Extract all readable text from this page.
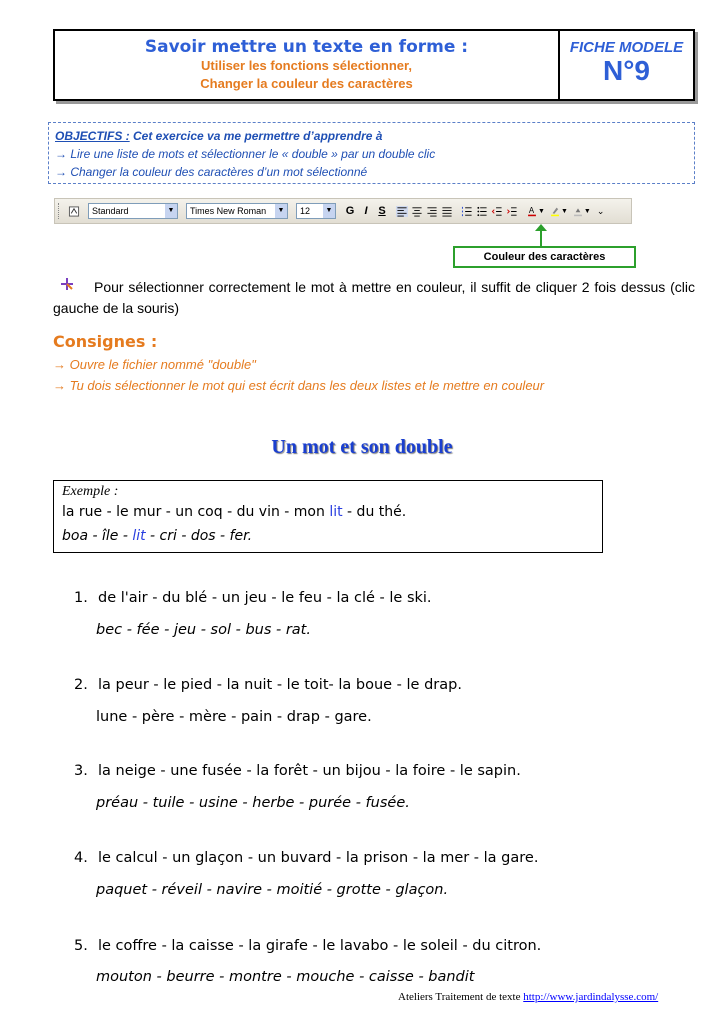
Savoir mettre un texte en forme :
Utiliser les fonctions sélectionner,
Changer la couleur des caractères
FICHE MODELE
N°9
OBJECTIFS : Cet exercice va me permettre d’apprendre à
→ Lire une liste de mots et sélectionner le « double » par un double clic
→ Changer la couleur des caractères d’un mot sélectionné
Standard	▼	Times New Roman	▼	12	▼	G I S	A ▼ ▼ ▼ ⌄
Couleur des caractères
Pour sélectionner correctement le mot à mettre en couleur, il suffit de cliquer 2 fois dessus (clic gauche de la souris)
Consignes :
→ Ouvre le fichier nommé "double"
→ Tu dois sélectionner le mot qui est écrit dans les deux listes et le mettre en couleur
Un mot et son double
Exemple :
la rue - le mur - un coq - du vin - mon lit - du thé.
boa - île - lit - cri - dos - fer.
1. de l'air - du blé - un jeu - le feu - la clé - le ski.
bec - fée - jeu - sol - bus - rat.
2. la peur - le pied - la nuit - le toit- la boue - le drap.
lune - père - mère - pain - drap - gare.
3. la neige - une fusée - la forêt - un bijou - la foire - le sapin.
préau - tuile - usine - herbe - purée - fusée.
4. le calcul - un glaçon - un buvard - la prison - la mer - la gare.
paquet - réveil - navire - moitié - grotte - glaçon.
5. le coffre - la caisse - la girafe - le lavabo - le soleil - du citron.
mouton - beurre - montre - mouche - caisse - bandit
Ateliers Traitement de texte http://www.jardindalysse.com/
